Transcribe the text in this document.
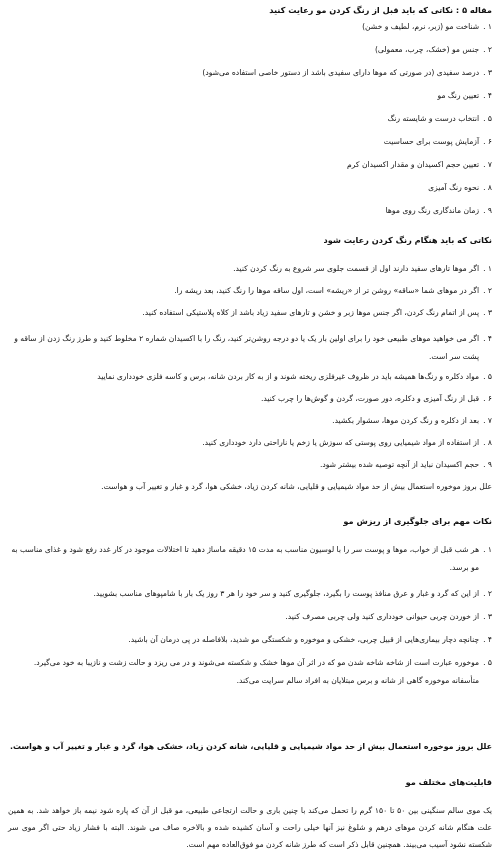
مقاله ۵ : نکاتی که باید قبل از رنگ کردن مو رعایت کنید
۱ .
شناخت مو (زبر، نرم، لطیف و خشن)
۲ .
جنس مو (خشک، چرب، معمولی)
۳ .
درصد سفیدی (در صورتی که موها دارای سفیدی باشد از دستور خاصی استفاده می‌شود)
۴ .
تعیین رنگ مو
۵ .
انتخاب درست و شایسته رنگ
۶ .
آزمایش پوست برای حساسیت
۷ .
تعیین حجم اکسیدان و مقدار اکسیدان کرم
۸ .
نحوه رنگ آمیزی
۹ .
زمان ماندگاری رنگ روی موها
نکاتی که باید هنگام رنگ کردن رعایت شود
۱ .
اگر موها تارهای سفید دارند اول از قسمت جلوی سر شروع به رنگ کردن کنید.
۲ .
اگر در موهای شما «ساقه» روشن تر از «ریشه» است، اول ساقه موها را رنگ کنید، بعد ریشه را.
۳ .
پس از اتمام رنگ کردن، اگر جنس موها زبر و خشن و تارهای سفید زیاد باشد از کلاه پلاستیکی استفاده کنید.
۴ .
اگر می خواهید موهای طبیعی خود را برای اولین بار یک یا دو درجه روشن‌تر کنید، رنگ را با اکسیدان شماره ۲ مخلوط کنید و طرز رنگ زدن از ساقه و پشت سر است.
۵ .
مواد دکلره و رنگ‌ها همیشه باید در ظروف غیرفلزی ریخته شوند و از به کار بردن شانه، برس و کاسه فلزی خودداری نمایید
۶ .
قبل از رنگ آمیزی و دکلره، دور صورت، گردن و گوش‌ها را چرب کنید.
۷ .
بعد از دکلره و رنگ کردن موها، سشوار بکشید.
۸ .
از استفاده از مواد شیمیایی روی پوستی که سوزش یا زخم یا ناراحتی دارد خودداری کنید.
۹ .
حجم اکسیدان نباید از آنچه توصیه شده بیشتر شود.
علل بروز موخوره استعمال بیش از حد مواد شیمیایی و قلیایی، شانه کردن زیاد، خشکی هوا، گرد و غبار و تغییر آب و هواست.
نکات مهم برای جلوگیری از ریزش مو
۱ .
هر شب قبل از خواب، موها و پوست سر را با لوسیون مناسب به مدت ۱۵ دقیقه ماساژ دهید تا اختلالات موجود در کار غدد رفع شود و غذای مناسب به مو برسد.
۲ .
از این که گرد و غبار و عرق منافذ پوست را بگیرد، جلوگیری کنید و سر خود را هر ۳ روز یک بار با شامپوهای مناسب بشویید.
۳ .
از خوردن چربی حیوانی خودداری کنید ولی چربی مصرف کنید.
۴ .
چنانچه دچار بیماری‌هایی از قبیل چربی، خشکی و موخوره و شکستگی مو شدید، بلافاصله در پی درمان آن باشید.
۵ .
موخوره عبارت است از شاخه شاخه شدن مو که در اثر آن موها خشک و شکسته می‌شوند و در می ریزد و حالت زشت و نازیبا به خود می‌گیرد. متأسفانه موخوره گاهی از شانه و برس مبتلایان به افراد سالم سرایت می‌کند.
علل بروز موخوره استعمال بیش از حد مواد شیمیایی و قلیایی، شانه کردن زیاد، خشکی هوا، گرد و غبار و تغییر آب و هواست.
قابلیت‌های مختلف مو
یک موی سالم سنگینی بین ۵۰ تا ۱۵۰ گرم را تحمل می‌کند با چنین باری و حالت ارتجاعی طبیعی، مو قبل از آن که پاره شود نیمه باز خواهد شد. به همین علت هنگام شانه کردن موهای درهم و شلوغ نیز آنها خیلی راحت و آسان کشیده شده و بالاخره صاف می شوند. البته با فشار زیاد حتی اگر موی سر شکسته نشود آسیب می‌بیند. همچنین قابل ذکر است که طرز شانه کردن مو فوق‌العاده مهم است.
